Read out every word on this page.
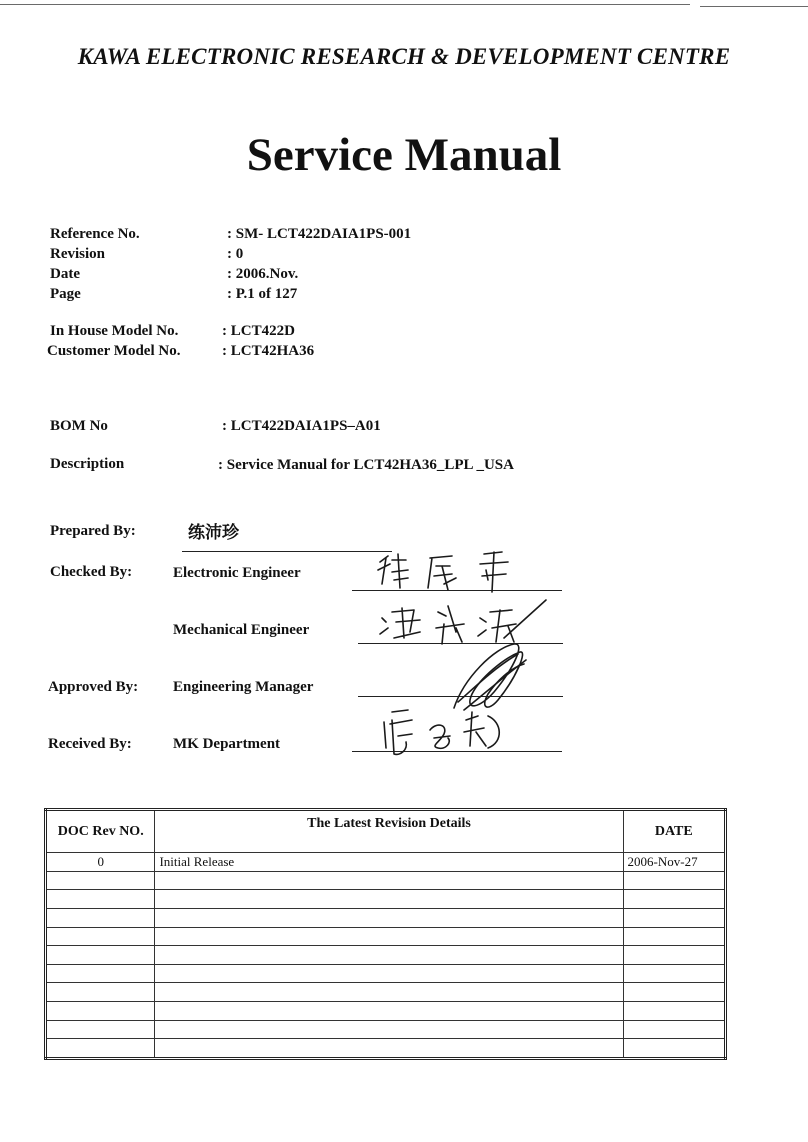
KAWA ELECTRONIC RESEARCH & DEVELOPMENT CENTRE
Service Manual
Reference No.	: SM- LCT422DAIA1PS-001
Revision	: 0
Date	: 2006.Nov.
Page	: P.1 of 127
In House Model No.	: LCT422D
Customer Model No.	: LCT42HA36
BOM No	: LCT422DAIA1PS–A01
Description	: Service Manual for LCT42HA36_LPL _USA
Prepared By:	练沛珍
Checked By:	Electronic Engineer
Mechanical Engineer
Approved By: Engineering Manager
Received By:	MK Department
DOC Rev NO.	The Latest Revision Details	DATE
0	Initial Release	2006-Nov-27
